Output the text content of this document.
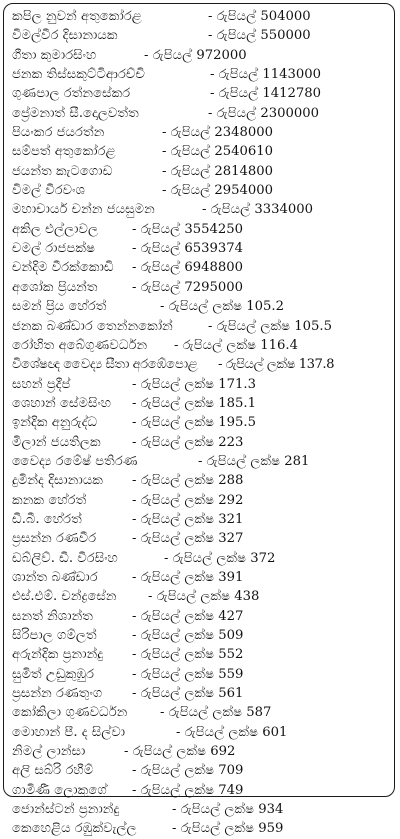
කපිල නුවන් අතුකෝරළ	- රුපියල් 504000
විමල්වීර දිසානායක	- රුපියල් 550000
ගීතා කුමාරසිංහ	- රුපියල් 972000
ජනක තිස්සකුට්ටිආරච්චි	- රුපියල් 1143000
ගුණපාල රත්නසේකර	- රුපියල් 1412780
ප්‍රේමනාත් සී.දොලවත්ත	- රුපියල් 2300000
පියංකර ජයරත්න	- රුපියල් 2348000
සම්පත් අතුකෝරළ	- රුපියල් 2540610
ජයන්ත කැටගොඩ	- රුපියල් 2814800
විමල් වීරවංශ	- රුපියල් 2954000
මහාචාර්ය චන්න ජයසුමන	- රුපියල් 3334000
අකිල එල්ලාවල	- රුපියල් 3554250
චමල් රාජපක්ෂ	- රුපියල් 6539374
චන්දිම වීරක්කොඩි - රුපියල් 6948800
අශෝක ප්‍රියන්ත	- රුපියල් 7295000
සමන් ප්‍රිය හේරත්	- රුපියල් ලක්ෂ 105.2
ජනක බණ්ඩාර තෙන්නකෝන්	- රුපියල් ලක්ෂ 105.5
රෝහිත අබේගුණවර්ධන - රුපියල් ලක්ෂ 116.4
විශේෂඥ වෛද්‍ය සීතා අරඹේපොළ - රුපියල් ලක්ෂ 137.8
සහන් ප්‍රදීප්	- රුපියල් ලක්ෂ 171.3
ශෙහාන් සේමසිංහ - රුපියල් ලක්ෂ 185.1
ඉන්දික අනුරුද්ධ	- රුපියල් ලක්ෂ 195.5
මිලාන් ජයතිලක - රුපියල් ලක්ෂ 223
වෛද්‍ය රමේෂ් පතිරණ	- රුපියල් ලක්ෂ 281
දුමින්ද දිසානායක - රුපියල් ලක්ෂ 288
කනක හේරත්	- රුපියල් ලක්ෂ 292
ඩී.බී. හේරත්	- රුපියල් ලක්ෂ 321
ප්‍රසන්න රණවීර	- රුපියල් ලක්ෂ 327
ඩබ්ලිව්. ඩී. වීරසිංහ	- රුපියල් ලක්ෂ 372
ශාන්ත බණ්ඩාර	- රුපියල් ලක්ෂ 391
එස්.එම්. චන්ද්‍රසේන - රුපියල් ලක්ෂ 438
සනත් නිශාන්ත	- රුපියල් ලක්ෂ 427
සිරිපාල ගම්ලත්	- රුපියල් ලක්ෂ 509
අරුන්දික ප්‍රනාන්දු - රුපියල් ලක්ෂ 552
සුමිත් උඩුකුඹුර	- රුපියල් ලක්ෂ 559
ප්‍රසන්න රණතුංග - රුපියල් ලක්ෂ 561
කෝකිලා ගුණවර්ධන - රුපියල් ලක්ෂ 587
මොහාන් පී. ද සිල්වා	- රුපියල් ලක්ෂ 601
නිමල් ලාන්සා	- රුපියල් ලක්ෂ 692
අලි සබ්රි රහීම්	- රුපියල් ලක්ෂ 709
ගාමිණී ලොකුගේ - රුපියල් ලක්ෂ 749
ජොන්ස්ටන් ප්‍රනාන්දු	- රුපියල් ලක්ෂ 934
කෙහෙළිය රඹුක්වැල්ල	- රුපියල් ලක්ෂ 959
